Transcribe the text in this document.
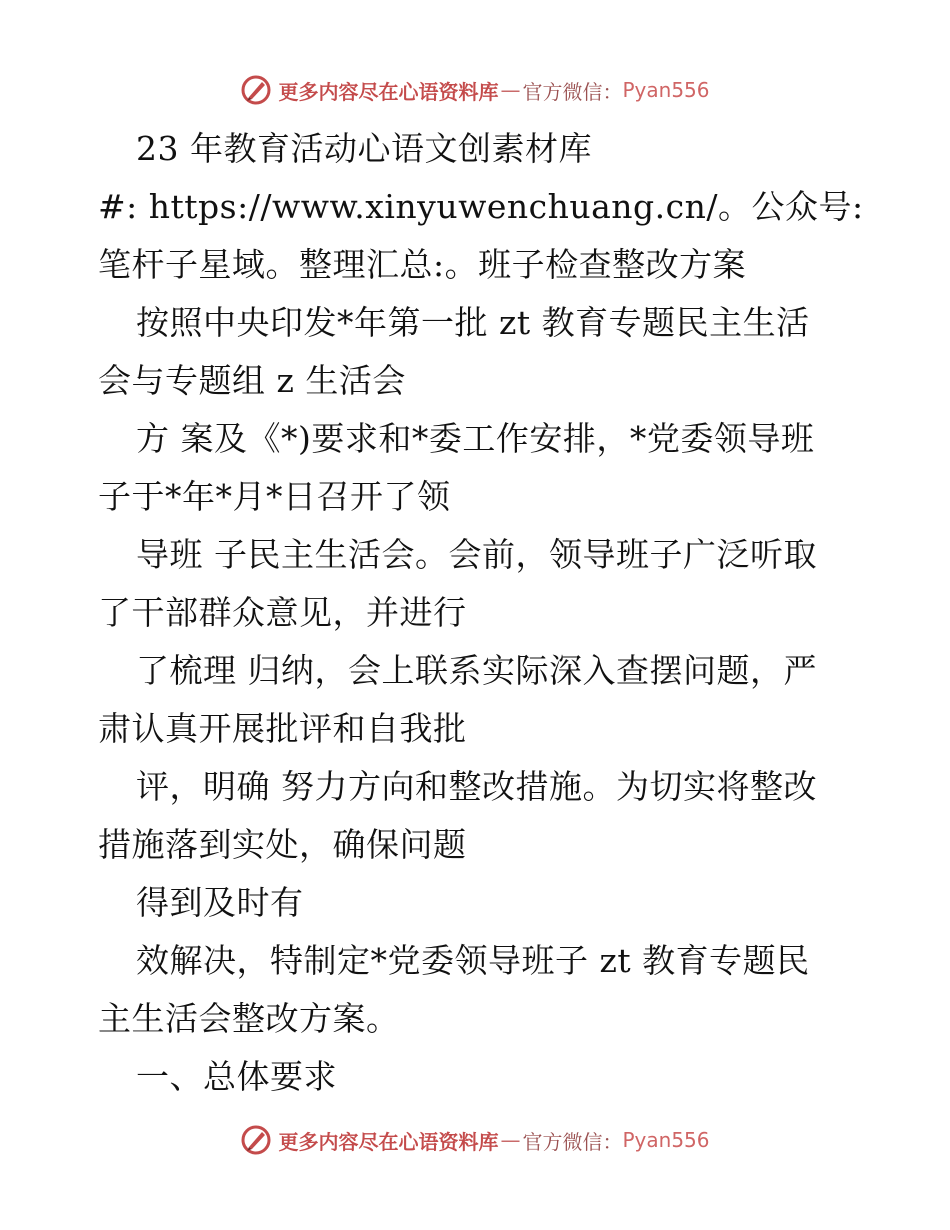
更多内容尽在心语资料库 — 官方微信： Pyan556
23 年教育活动心语文创素材库
#: https://www.xinyuwenchuang.cn/。公众号:
笔杆子星域。整理汇总:。班子检查整改方案
按照中央印发*年第一批 zt 教育专题民主生活
会与专题组 z 生活会
方 案及《*)要求和*委工作安排，*党委领导班
子于*年*月*日召开了领
导班 子民主生活会。会前，领导班子广泛听取
了干部群众意见，并进行
了梳理 归纳，会上联系实际深入查摆问题，严
肃认真开展批评和自我批
评，明确 努力方向和整改措施。为切实将整改
措施落到实处，确保问题
得到及时有
效解决，特制定*党委领导班子 zt 教育专题民
主生活会整改方案。
一、总体要求
更多内容尽在心语资料库 — 官方微信： Pyan556
